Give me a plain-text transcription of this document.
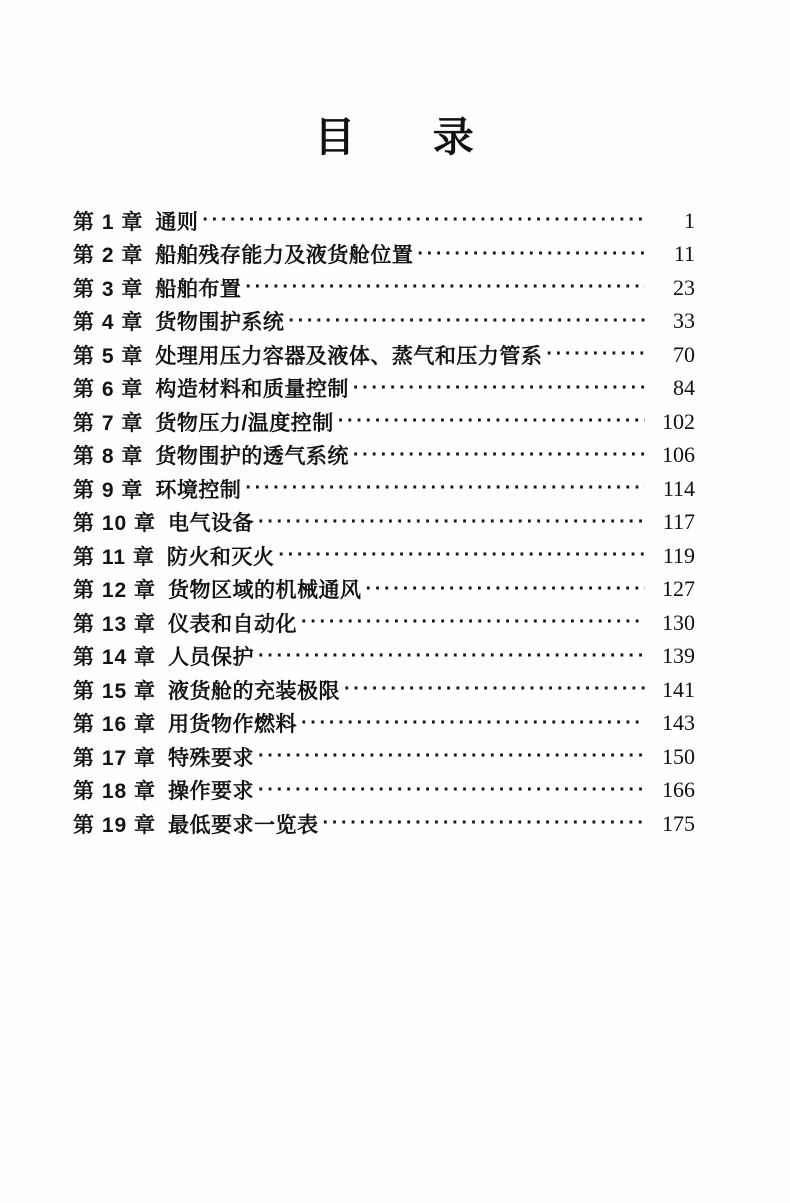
目 录
第 1 章 通则 ·····	1
第 2 章 船舶残存能力及液货舱位置 ·····	11
第 3 章 船舶布置 ·····	23
第 4 章 货物围护系统 ·····	33
第 5 章 处理用压力容器及液体、蒸气和压力管系 ·····	70
第 6 章 构造材料和质量控制 ·····	84
第 7 章 货物压力/温度控制 ·····	102
第 8 章 货物围护的透气系统 ·····	106
第 9 章 环境控制 ·····	114
第 10 章 电气设备 ·····	117
第 11 章 防火和灭火 ·····	119
第 12 章 货物区域的机械通风 ·····	127
第 13 章 仪表和自动化 ·····	130
第 14 章 人员保护 ·····	139
第 15 章 液货舱的充装极限 ·····	141
第 16 章 用货物作燃料 ·····	143
第 17 章 特殊要求 ·····	150
第 18 章 操作要求 ·····	166
第 19 章 最低要求一览表 ·····	175
